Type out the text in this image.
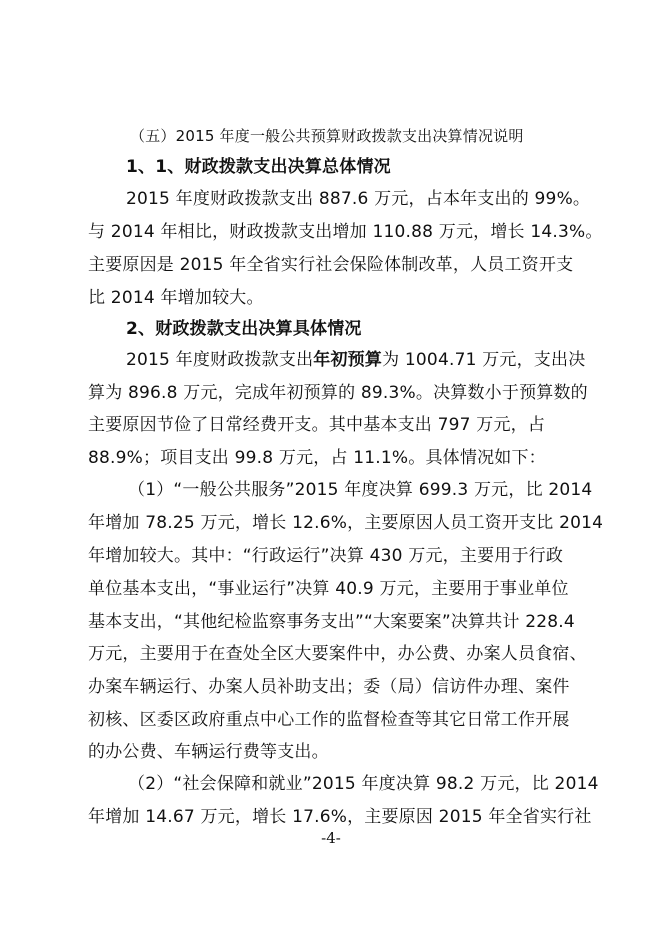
（五）2015 年度一般公共预算财政拨款支出决算情况说明
1、1、财政拨款支出决算总体情况
2015 年度财政拨款支出 887.6 万元，占本年支出的 99%。
与 2014 年相比，财政拨款支出增加 110.88 万元，增长 14.3%。
主要原因是 2015 年全省实行社会保险体制改革，人员工资开支
比 2014 年增加较大。
2、财政拨款支出决算具体情况
2015 年度财政拨款支出年初预算为 1004.71 万元，支出决
算为 896.8 万元，完成年初预算的 89.3%。决算数小于预算数的
主要原因节俭了日常经费开支。其中基本支出 797 万元，占
88.9%；项目支出 99.8 万元，占 11.1%。具体情况如下：
（1）“一般公共服务”2015 年度决算 699.3 万元，比 2014
年增加 78.25 万元，增长 12.6%，主要原因人员工资开支比 2014
年增加较大。其中：“行政运行”决算 430 万元，主要用于行政
单位基本支出，“事业运行”决算 40.9 万元，主要用于事业单位
基本支出，“其他纪检监察事务支出”“大案要案”决算共计 228.4
万元，主要用于在查处全区大要案件中，办公费、办案人员食宿、
办案车辆运行、办案人员补助支出；委（局）信访件办理、案件
初核、区委区政府重点中心工作的监督检查等其它日常工作开展
的办公费、车辆运行费等支出。
（2）“社会保障和就业”2015 年度决算 98.2 万元，比 2014
年增加 14.67 万元，增长 17.6%，主要原因 2015 年全省实行社
-4-
